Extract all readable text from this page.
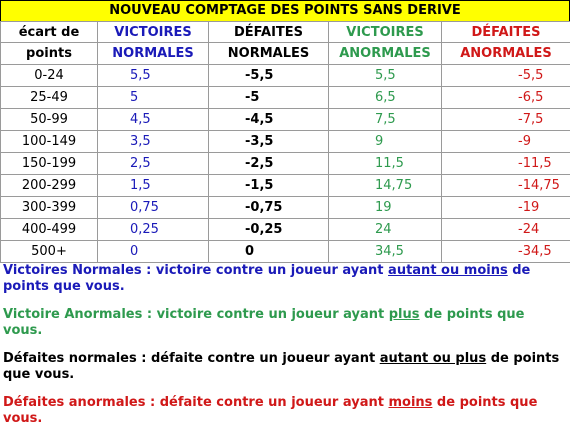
NOUVEAU COMPTAGE DES POINTS SANS DERIVE
écart de	VICTOIRES	DÉFAITES	VICTOIRES	DÉFAITES
points	NORMALES	NORMALES	ANORMALES	ANORMALES
0-24	5,5	-5,5	5,5	-5,5
25-49	5	-5	6,5	-6,5
50-99	4,5	-4,5	7,5	-7,5
100-149	3,5	-3,5	9	-9
150-199	2,5	-2,5	11,5	-11,5
200-299	1,5	-1,5	14,75	-14,75
300-399	0,75	-0,75	19	-19
400-499	0,25	-0,25	24	-24
500+	0	0	34,5	-34,5
Victoires Normales : victoire contre un joueur ayant autant ou moins de points que vous.
Victoire Anormales : victoire contre un joueur ayant plus de points que vous.
Défaites normales : défaite contre un joueur ayant autant ou plus de points que vous.
Défaites anormales : défaite contre un joueur ayant moins de points que vous.
